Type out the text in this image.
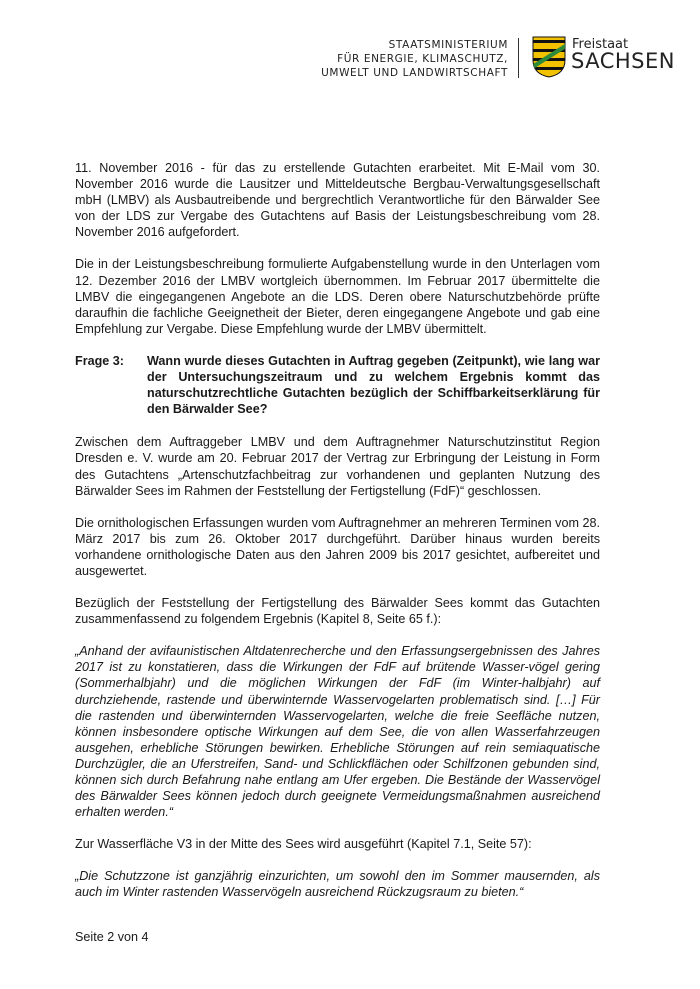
STAATSMINISTERIUM
FÜR ENERGIE, KLIMASCHUTZ,
UMWELT UND LANDWIRTSCHAFT
Freistaat
SACHSEN

11. November 2016 - für das zu erstellende Gutachten erarbeitet. Mit E-Mail vom 30. November 2016 wurde die Lausitzer und Mitteldeutsche Bergbau-Verwaltungsgesellschaft mbH (LMBV) als Ausbautreibende und bergrechtlich Verantwortliche für den Bärwalder See von der LDS zur Vergabe des Gutachtens auf Basis der Leistungsbeschreibung vom 28. November 2016 aufgefordert.

Die in der Leistungsbeschreibung formulierte Aufgabenstellung wurde in den Unterlagen vom 12. Dezember 2016 der LMBV wortgleich übernommen. Im Februar 2017 übermittelte die LMBV die eingegangenen Angebote an die LDS. Deren obere Naturschutzbehörde prüfte daraufhin die fachliche Geeignetheit der Bieter, deren eingegangene Angebote und gab eine Empfehlung zur Vergabe. Diese Empfehlung wurde der LMBV übermittelt.

Frage 3:	Wann wurde dieses Gutachten in Auftrag gegeben (Zeitpunkt), wie lang war der Untersuchungszeitraum und zu welchem Ergebnis kommt das naturschutzrechtliche Gutachten bezüglich der Schiffbarkeitserklärung für den Bärwalder See?

Zwischen dem Auftraggeber LMBV und dem Auftragnehmer Naturschutzinstitut Region Dresden e. V. wurde am 20. Februar 2017 der Vertrag zur Erbringung der Leistung in Form des Gutachtens „Artenschutzfachbeitrag zur vorhandenen und geplanten Nutzung des Bärwalder Sees im Rahmen der Feststellung der Fertigstellung (FdF)“ geschlossen.

Die ornithologischen Erfassungen wurden vom Auftragnehmer an mehreren Terminen vom 28. März 2017 bis zum 26. Oktober 2017 durchgeführt. Darüber hinaus wurden bereits vorhandene ornithologische Daten aus den Jahren 2009 bis 2017 gesichtet, aufbereitet und ausgewertet.

Bezüglich der Feststellung der Fertigstellung des Bärwalder Sees kommt das Gutachten zusammenfassend zu folgendem Ergebnis (Kapitel 8, Seite 65 f.):

„Anhand der avifaunistischen Altdatenrecherche und den Erfassungsergebnissen des Jahres 2017 ist zu konstatieren, dass die Wirkungen der FdF auf brütende Wasser-vögel gering (Sommerhalbjahr) und die möglichen Wirkungen der FdF (im Winter-halbjahr) auf durchziehende, rastende und überwinternde Wasservogelarten problematisch sind. […] Für die rastenden und überwinternden Wasservogelarten, welche die freie Seefläche nutzen, können insbesondere optische Wirkungen auf dem See, die von allen Wasserfahrzeugen ausgehen, erhebliche Störungen bewirken. Erhebliche Störungen auf rein semiaquatische Durchzügler, die an Uferstreifen, Sand- und Schlickflächen oder Schilfzonen gebunden sind, können sich durch Befahrung nahe entlang am Ufer ergeben. Die Bestände der Wasservögel des Bärwalder Sees können jedoch durch geeignete Vermeidungsmaßnahmen ausreichend erhalten werden.“

Zur Wasserfläche V3 in der Mitte des Sees wird ausgeführt (Kapitel 7.1, Seite 57):

„Die Schutzzone ist ganzjährig einzurichten, um sowohl den im Sommer mausernden, als auch im Winter rastenden Wasservögeln ausreichend Rückzugsraum zu bieten.“

Seite 2 von 4
